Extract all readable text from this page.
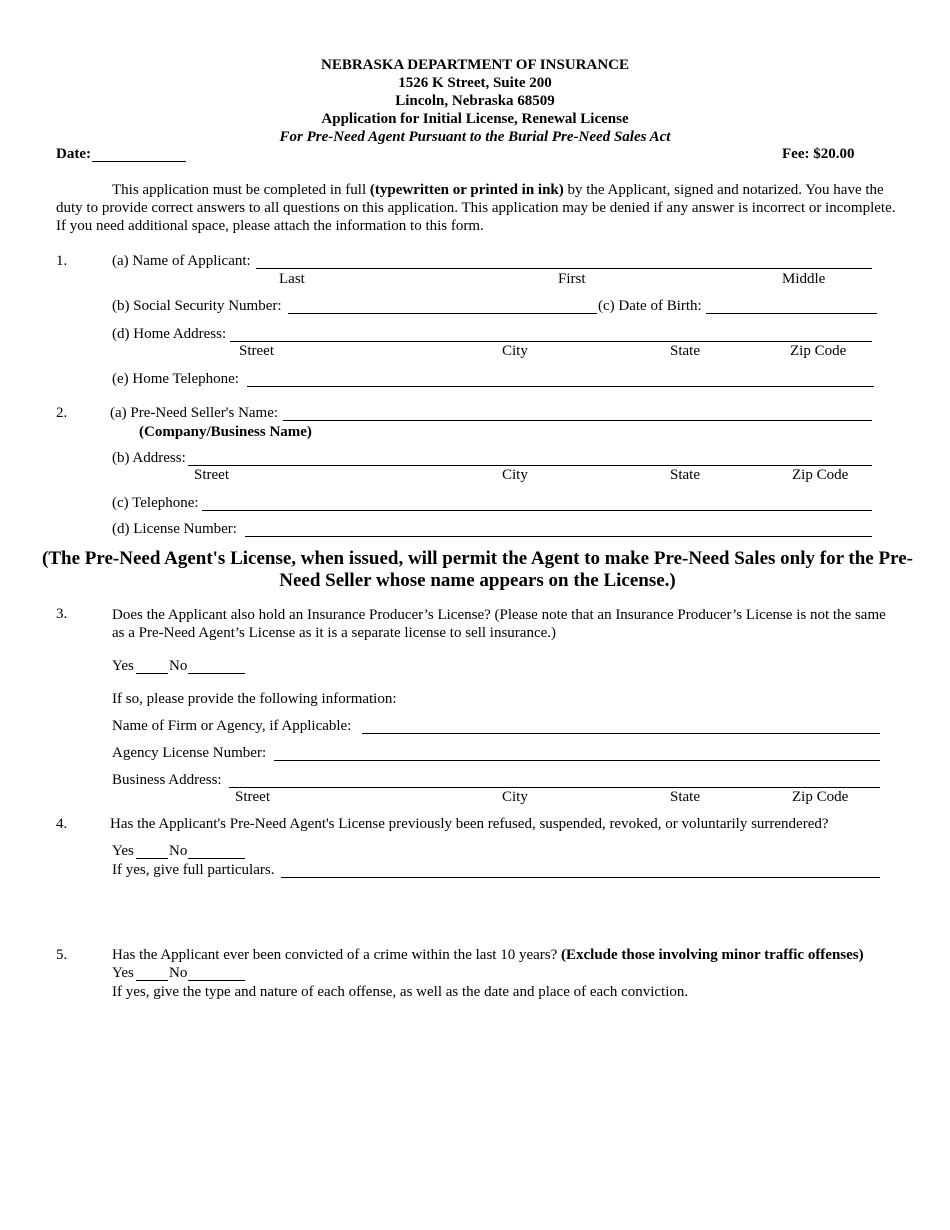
NEBRASKA DEPARTMENT OF INSURANCE
1526 K Street, Suite 200
Lincoln, Nebraska 68509
Application for Initial License, Renewal License
For Pre-Need Agent Pursuant to the Burial Pre-Need Sales Act
Date:	Fee: $20.00
This application must be completed in full (typewritten or printed in ink) by the Applicant, signed and notarized. You have the duty to provide correct answers to all questions on this application. This application may be denied if any answer is incorrect or incomplete. If you need additional space, please attach the information to this form.
1.	(a) Name of Applicant:
Last	First	Middle
(b) Social Security Number:	(c) Date of Birth:
(d) Home Address:
Street	City	State	Zip Code
(e) Home Telephone:
2.	(a) Pre-Need Seller's Name:
(Company/Business Name)
(b) Address:
Street	City	State	Zip Code
(c) Telephone:
(d) License Number:
(The Pre-Need Agent's License, when issued, will permit the Agent to make Pre-Need Sales only for the Pre-Need Seller whose name appears on the License.)
3.	Does the Applicant also hold an Insurance Producer’s License? (Please note that an Insurance Producer’s License is not the same as a Pre-Need Agent’s License as it is a separate license to sell insurance.)
Yes No
If so, please provide the following information:
Name of Firm or Agency, if Applicable:
Agency License Number:
Business Address:
Street	City	State	Zip Code
4.	Has the Applicant's Pre-Need Agent's License previously been refused, suspended, revoked, or voluntarily surrendered?
Yes No
If yes, give full particulars.
5.	Has the Applicant ever been convicted of a crime within the last 10 years? (Exclude those involving minor traffic offenses)
Yes No
If yes, give the type and nature of each offense, as well as the date and place of each conviction.
